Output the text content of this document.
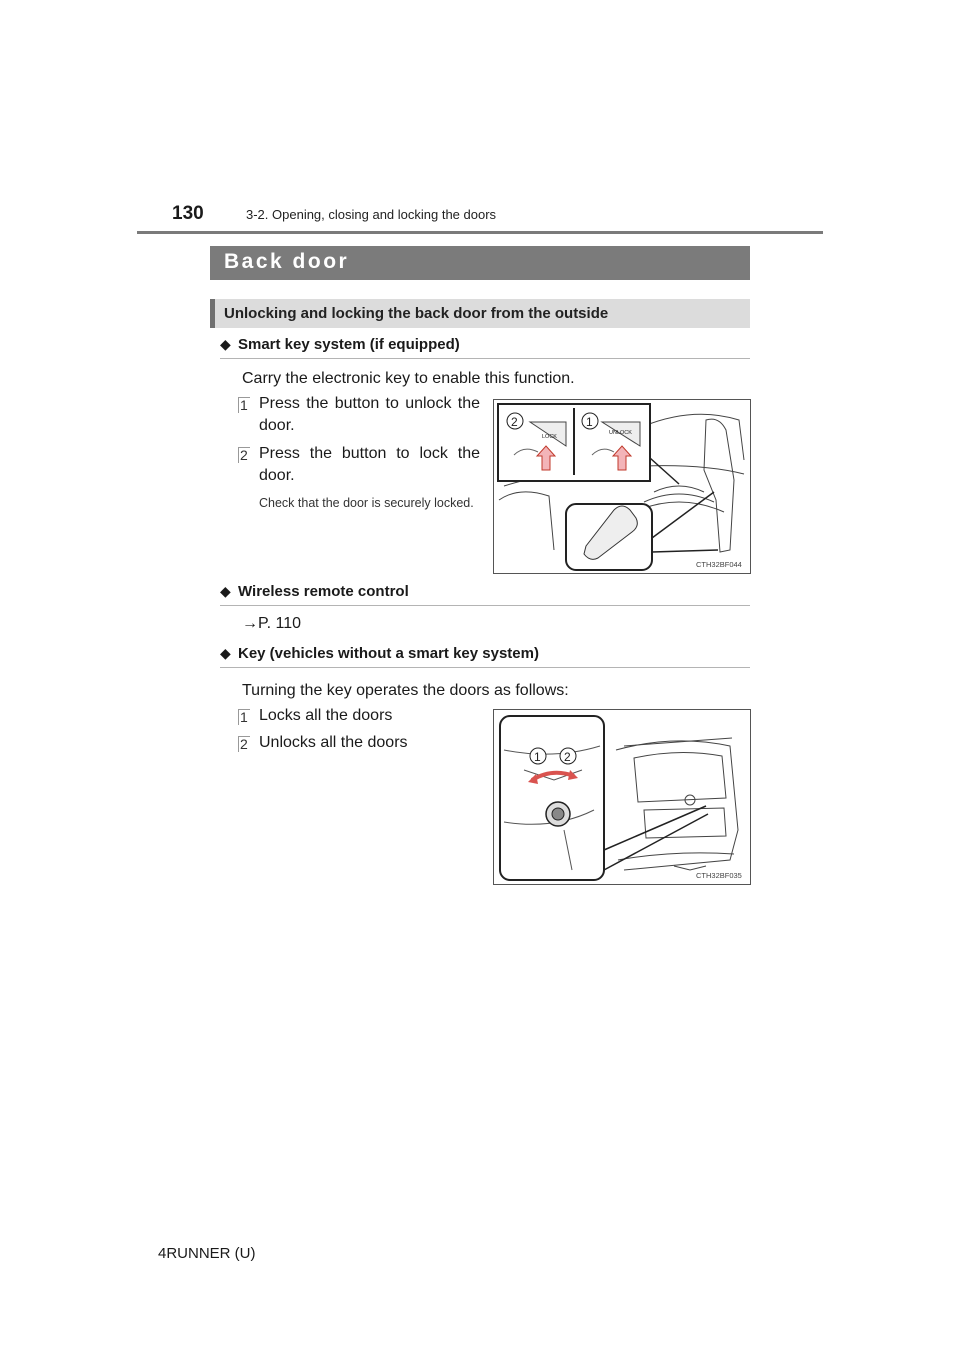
130	3-2. Opening, closing and locking the doors
Back door
Unlocking and locking the back door from the outside
◆ Smart key system (if equipped)
Carry the electronic key to enable this function.
1 Press the button to unlock the door.
2 Press the button to lock the door.
Check that the door is securely locked.
LOCK
UNLOCK
2	1
CTH32BF044
◆ Wireless remote control
→P. 110
◆ Key (vehicles without a smart key system)
Turning the key operates the doors as follows:
1 Locks all the doors
2 Unlocks all the doors
1 2
CTH32BF035
4RUNNER (U)
